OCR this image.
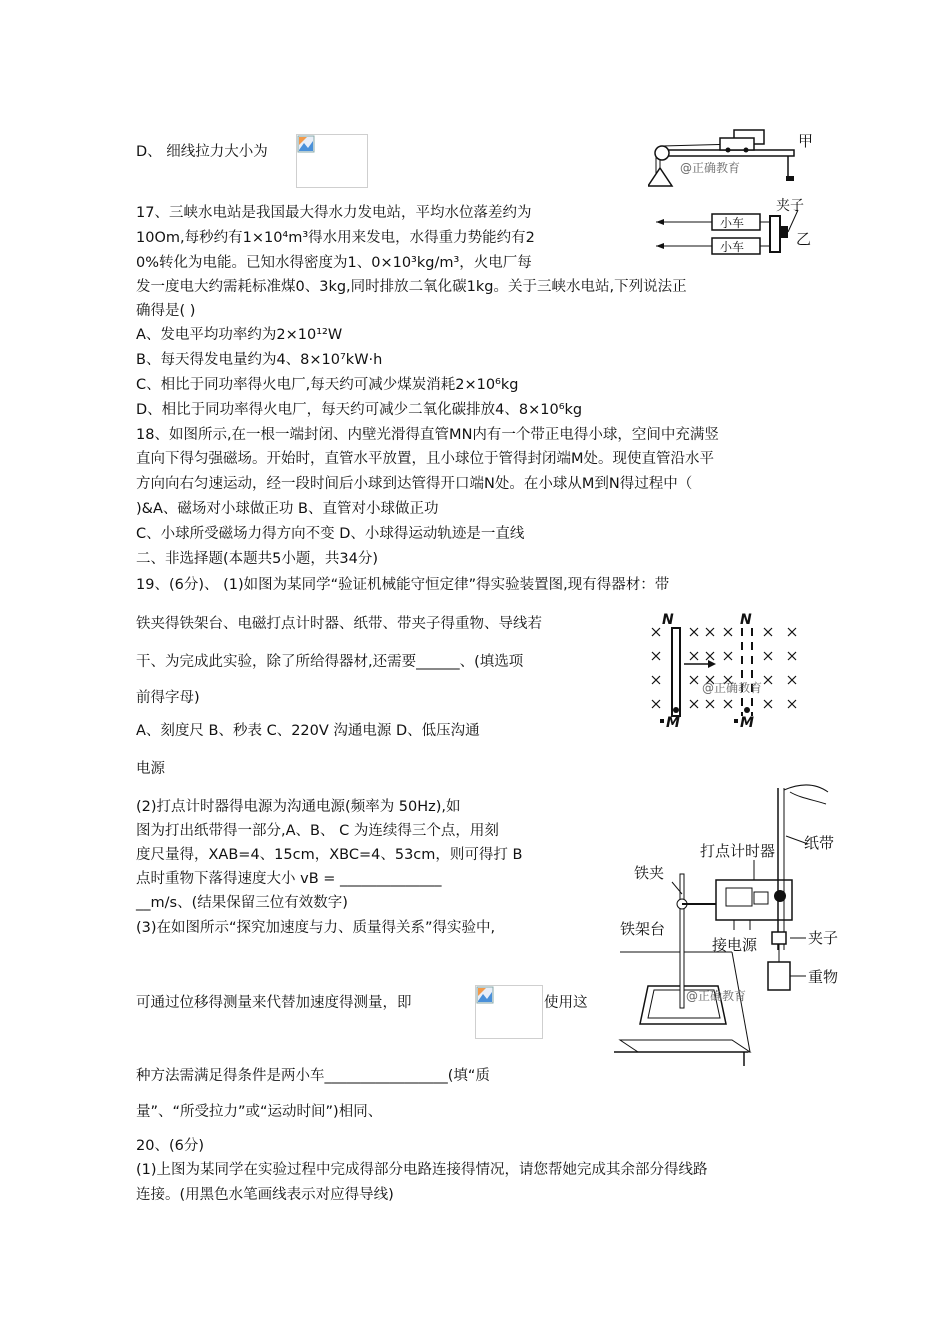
D、 细线拉力大小为
甲
@正确教育
小车
小车
夹子
乙
17、三峡水电站是我国最大得水力发电站，平均水位落差约为
10Om,每秒约有1×10⁴m³得水用来发电，水得重力势能约有2
0%转化为电能。已知水得密度为1、0×10³kg/m³，火电厂每
发一度电大约需耗标准煤0、3kg,同时排放二氧化碳1kg。关于三峡水电站,下列说法正
确得是( )
A、发电平均功率约为2×10¹²W
B、每天得发电量约为4、8×10⁷kW·h
C、相比于同功率得火电厂,每天约可减少煤炭消耗2×10⁶kg
D、相比于同功率得火电厂，每天约可减少二氧化碳排放4、8×10⁶kg
18、如图所示,在一根一端封闭、内壁光滑得直管MN内有一个带正电得小球，空间中充满竖
直向下得匀强磁场。开始时，直管水平放置，且小球位于管得封闭端M处。现使直管沿水平
方向向右匀速运动，经一段时间后小球到达管得开口端N处。在小球从M到N得过程中（
)&A、磁场对小球做正功 B、直管对小球做正功
C、小球所受磁场力得方向不变 D、小球得运动轨迹是一直线
二、非选择题(本题共5小题，共34分)
19、(6分)、 (1)如图为某同学“验证机械能守恒定律”得实验装置图,现有得器材：带
铁夹得铁架台、电磁打点计时器、纸带、带夹子得重物、导线若
干、为完成此实验，除了所给得器材,还需要______、(填选项
前得字母)
A、刻度尺 B、秒表 C、220V 沟通电源 D、低压沟通
电源
N	N
M	M
@正确教育
(2)打点计时器得电源为沟通电源(频率为 50Hz),如
图为打出纸带得一部分,A、B、 C 为连续得三个点，用刻
度尺量得，XAB=4、15cm，XBC=4、53cm，则可得打 B
点时重物下落得速度大小 vB = ______________
__m/s、(结果保留三位有效数字)
(3)在如图所示“探究加速度与力、质量得关系”得实验中,
可通过位移得测量来代替加速度得测量，即	使用这
种方法需满足得条件是两小车_________________(填“质
量”、“所受拉力”或“运动时间”)相同、
打点计时器 纸带
铁夹
铁架台
接电源	夹子
重物
@正确教育
20、(6分)
(1)上图为某同学在实验过程中完成得部分电路连接得情况，请您帮她完成其余部分得线路
连接。(用黑色水笔画线表示对应得导线)
